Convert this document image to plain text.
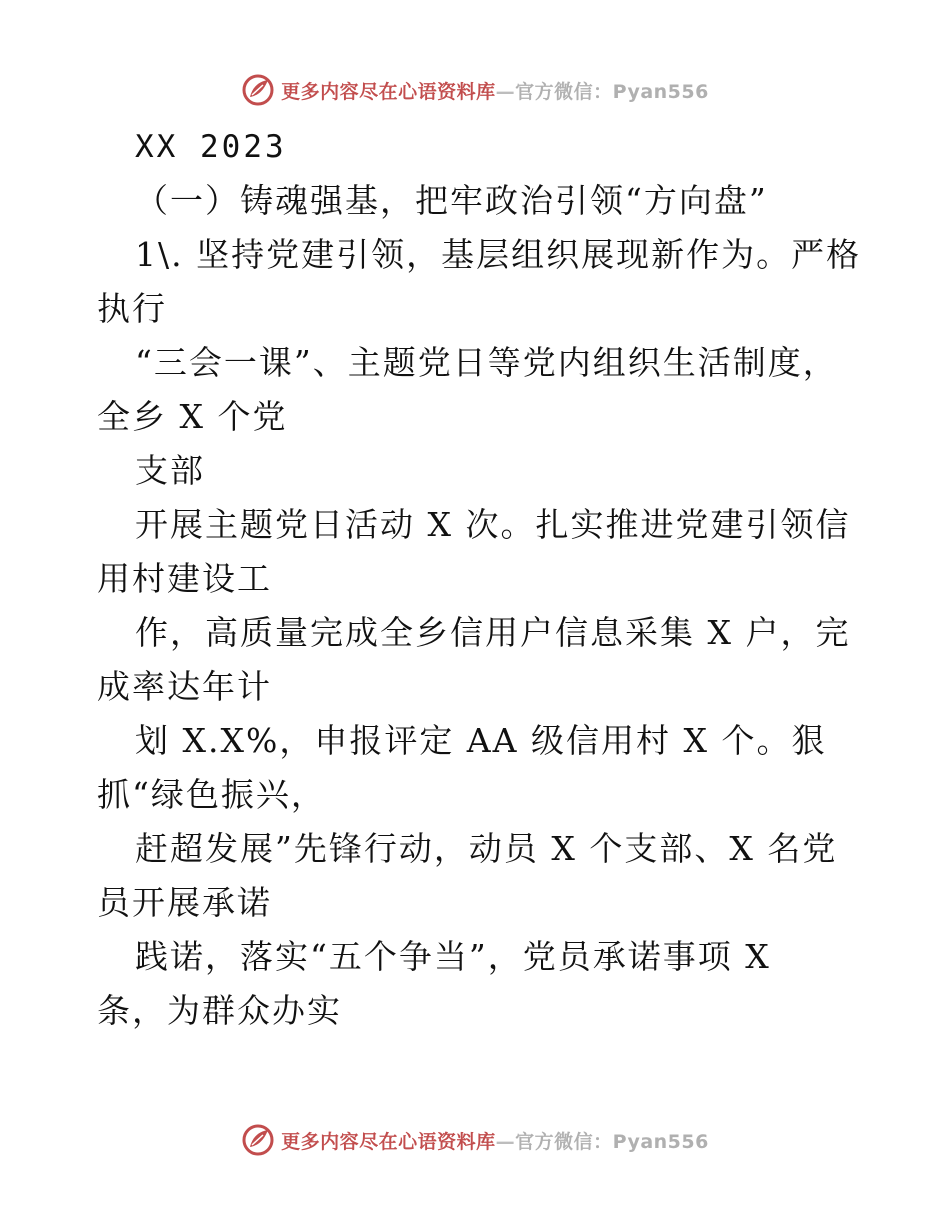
更多内容尽在心语资料库—官方微信：Pyan556
XX 2023
（一）铸魂强基，把牢政治引领“方向盘”
1\. 坚持党建引领，基层组织展现新作为。严格
执行
“三会一课”、主题党日等党内组织生活制度，
全乡 X 个党
支部
开展主题党日活动 X 次。扎实推进党建引领信
用村建设工
作，高质量完成全乡信用户信息采集 X 户，完
成率达年计
划 X.X%，申报评定 AA 级信用村 X 个。狠
抓“绿色振兴，
赶超发展”先锋行动，动员 X 个支部、X 名党
员开展承诺
践诺，落实“五个争当”，党员承诺事项 X
条，为群众办实
更多内容尽在心语资料库—官方微信：Pyan556
